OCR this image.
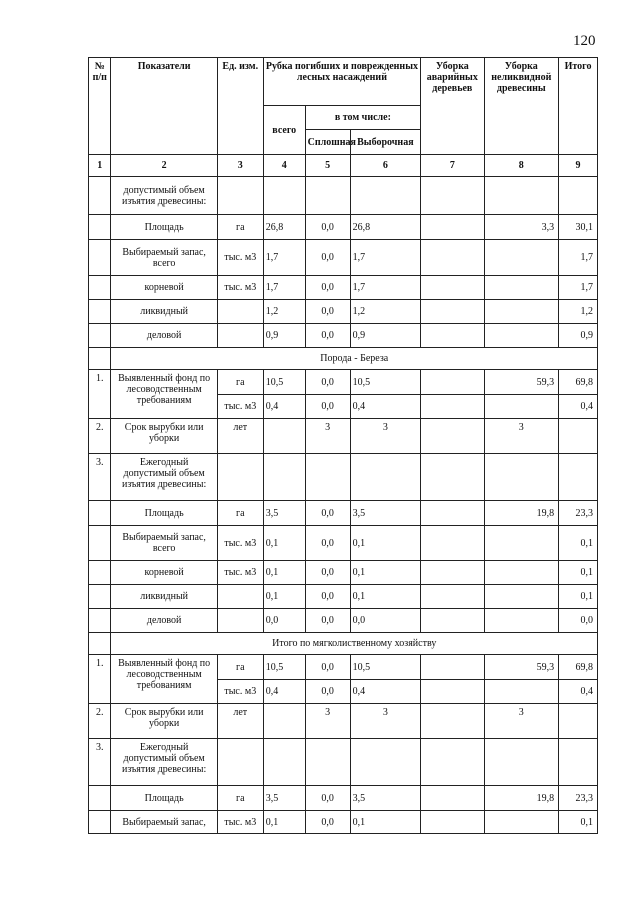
120
№ п/п	Показатели	Ед. изм.	Рубка погибших и поврежденных лесных насаждений			Уборка аварийных деревьев	Уборка неликвидной древесины	Итого
			всего	в том числе:				
				Сплошная	Выборочная			
1	2	3	4	5	6	7	8	9
	допустимый объем изъятия древесины:							
	Площадь	га	26,8	0,0	26,8		3,3	30,1
	Выбираемый запас, всего	тыс. м3	1,7	0,0	1,7			1,7
	корневой	тыс. м3	1,7	0,0	1,7			1,7
	ликвидный		1,2	0,0	1,2			1,2
	деловой		0,9	0,0	0,9			0,9
	Порода - Береза							
1.	Выявленный фонд по лесоводственным требованиям	га	10,5	0,0	10,5		59,3	69,8
		тыс. м3	0,4	0,0	0,4			0,4
2.	Срок вырубки или уборки	лет		3	3		3	
3.	Ежегодный допустимый объем изъятия древесины:							
	Площадь	га	3,5	0,0	3,5		19,8	23,3
	Выбираемый запас, всего	тыс. м3	0,1	0,0	0,1			0,1
	корневой	тыс. м3	0,1	0,0	0,1			0,1
	ликвидный		0,1	0,0	0,1			0,1
	деловой		0,0	0,0	0,0			0,0
	Итого по мягколиственному хозяйству							
1.	Выявленный фонд по лесоводственным требованиям	га	10,5	0,0	10,5		59,3	69,8
		тыс. м3	0,4	0,0	0,4			0,4
2.	Срок вырубки или уборки	лет		3	3		3	
3.	Ежегодный допустимый объем изъятия древесины:							
	Площадь	га	3,5	0,0	3,5		19,8	23,3
	Выбираемый запас,	тыс. м3	0,1	0,0	0,1			0,1
